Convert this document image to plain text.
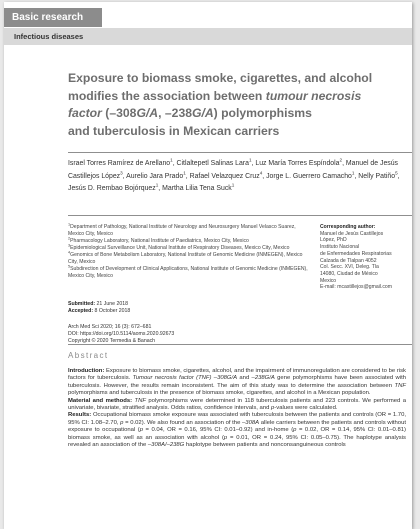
Basic research
Infectious diseases
Exposure to biomass smoke, cigarettes, and alcohol
modifies the association between tumour necrosis
factor (–308G/A, –238G/A) polymorphisms
and tuberculosis in Mexican carriers
Israel Torres Ramírez de Arellano$^1$, Citlaltepetl Salinas Lara$^1$, Luz María Torres Espíndola$^2$, Manuel de Jesús Castillejos López$^3$, Aurelio Jara Prado$^1$, Rafael Velazquez Cruz$^4$, Jorge L. Guerrero Camacho$^1$, Nelly Patiño$^5$, Jesús D. Rembao Bojórquez$^1$, Martha Lilia Tena Suck$^1$

$^1$Department of Pathology, National Institute of Neurology and Neurosurgery Manuel Velasco Suarez, Mexico City, Mexico

$^2$Pharmacology Laboratory, National Institute of Paediatrics, Mexico City, Mexico

$^3$Epidemiological Surveillance Unit, National Institute of Respiratory Diseases, Mexico City, Mexico

$^4$Genomics of Bone Metabolism Laboratory, National Institute of Genomic Medicine (INMEGEN), Mexico City, Mexico

$^5$Subdirection of Development of Clinical Applications, National Institute of Genomic Medicine (INMEGEN), Mexico City, Mexico

Corresponding author:
Manuel de Jesús Castillejos
López, PhD
Instituto Nacional
de Enfermedades Respiratorias
Calzada de Tlalpan 4052
Col. Secc. XVI, Deleg. Tla
14080, Ciudad de México
Mexico
E-mail: mcastillejos@gmail.com
Submitted: 21 June 2018
Accepted: 8 October 2018
Arch Med Sci 2020; 16 (3): 672–681
DOI: https://doi.org/10.5114/aoms.2020.92673
Copyright © 2020 Termedia & Banach
Abstract

Introduction: Exposure to biomass smoke, cigarettes, alcohol, and the impairment of immunoregulation are considered to be risk factors for tuberculosis. Tumour necrosis factor (TNF) –308G/A and –238G/A gene polymorphisms have been associated with tuberculosis. However, the results remain inconsistent. The aim of this study was to determine the association between TNF polymorphisms and tuberculosis in the presence of biomass smoke, cigarettes, and alcohol in a Mexican population.

Material and methods: TNF polymorphisms were determined in 118 tuberculosis patients and 223 controls. We performed a univariate, bivariate, stratified analysis. Odds ratios, confidence intervals, and p-values were calculated.

Results: Occupational biomass smoke exposure was associated with tuberculosis between the patients and controls (OR = 1.70, 95% CI: 1.08–2.70, p = 0.02). We also found an association of the –308A allele carriers between the patients and controls without exposure to occupational (p = 0.04, OR = 0.16, 95% CI: 0.01–0.92) and in-home (p = 0.02, OR = 0.14, 95% CI: 0.01–0.81) biomass smoke, as well as an association with alcohol (p = 0.01, OR = 0.24, 95% CI: 0.05–0.75). The haplotype analysis revealed an association of the –308A/–238G haplotype between patients and nonconsanguineous controls
